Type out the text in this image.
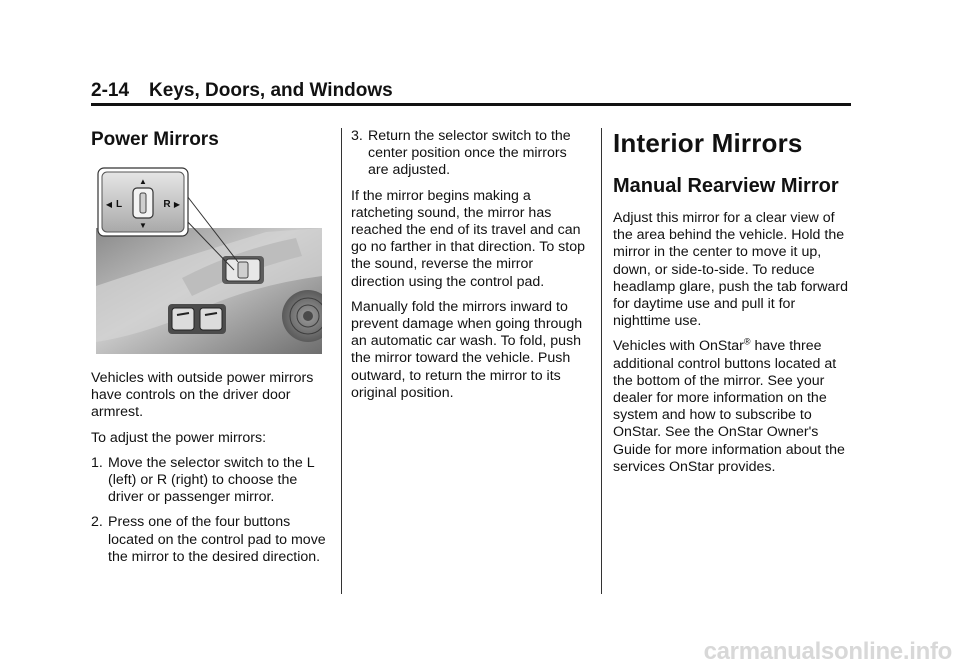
2-14 Keys, Doors, and Windows
Power Mirrors
▲
▼
◀ L	R ▶

Vehicles with outside power mirrors have controls on the driver door armrest.

To adjust the power mirrors:

1. Move the selector switch to the L (left) or R (right) to choose the driver or passenger mirror.
2. Press one of the four buttons located on the control pad to move the mirror to the desired direction.
3. Return the selector switch to the center position once the mirrors are adjusted.

If the mirror begins making a ratcheting sound, the mirror has reached the end of its travel and can go no farther in that direction. To stop the sound, reverse the mirror direction using the control pad.

Manually fold the mirrors inward to prevent damage when going through an automatic car wash. To fold, push the mirror toward the vehicle. Push outward, to return the mirror to its original position.

Interior Mirrors
Manual Rearview Mirror

Adjust this mirror for a clear view of the area behind the vehicle. Hold the mirror in the center to move it up, down, or side-to-side. To reduce headlamp glare, push the tab forward for daytime use and pull it for nighttime use.

Vehicles with OnStar® have three additional control buttons located at the bottom of the mirror. See your dealer for more information on the system and how to subscribe to OnStar. See the OnStar Owner's Guide for more information about the services OnStar provides.

carmanualsonline.info
